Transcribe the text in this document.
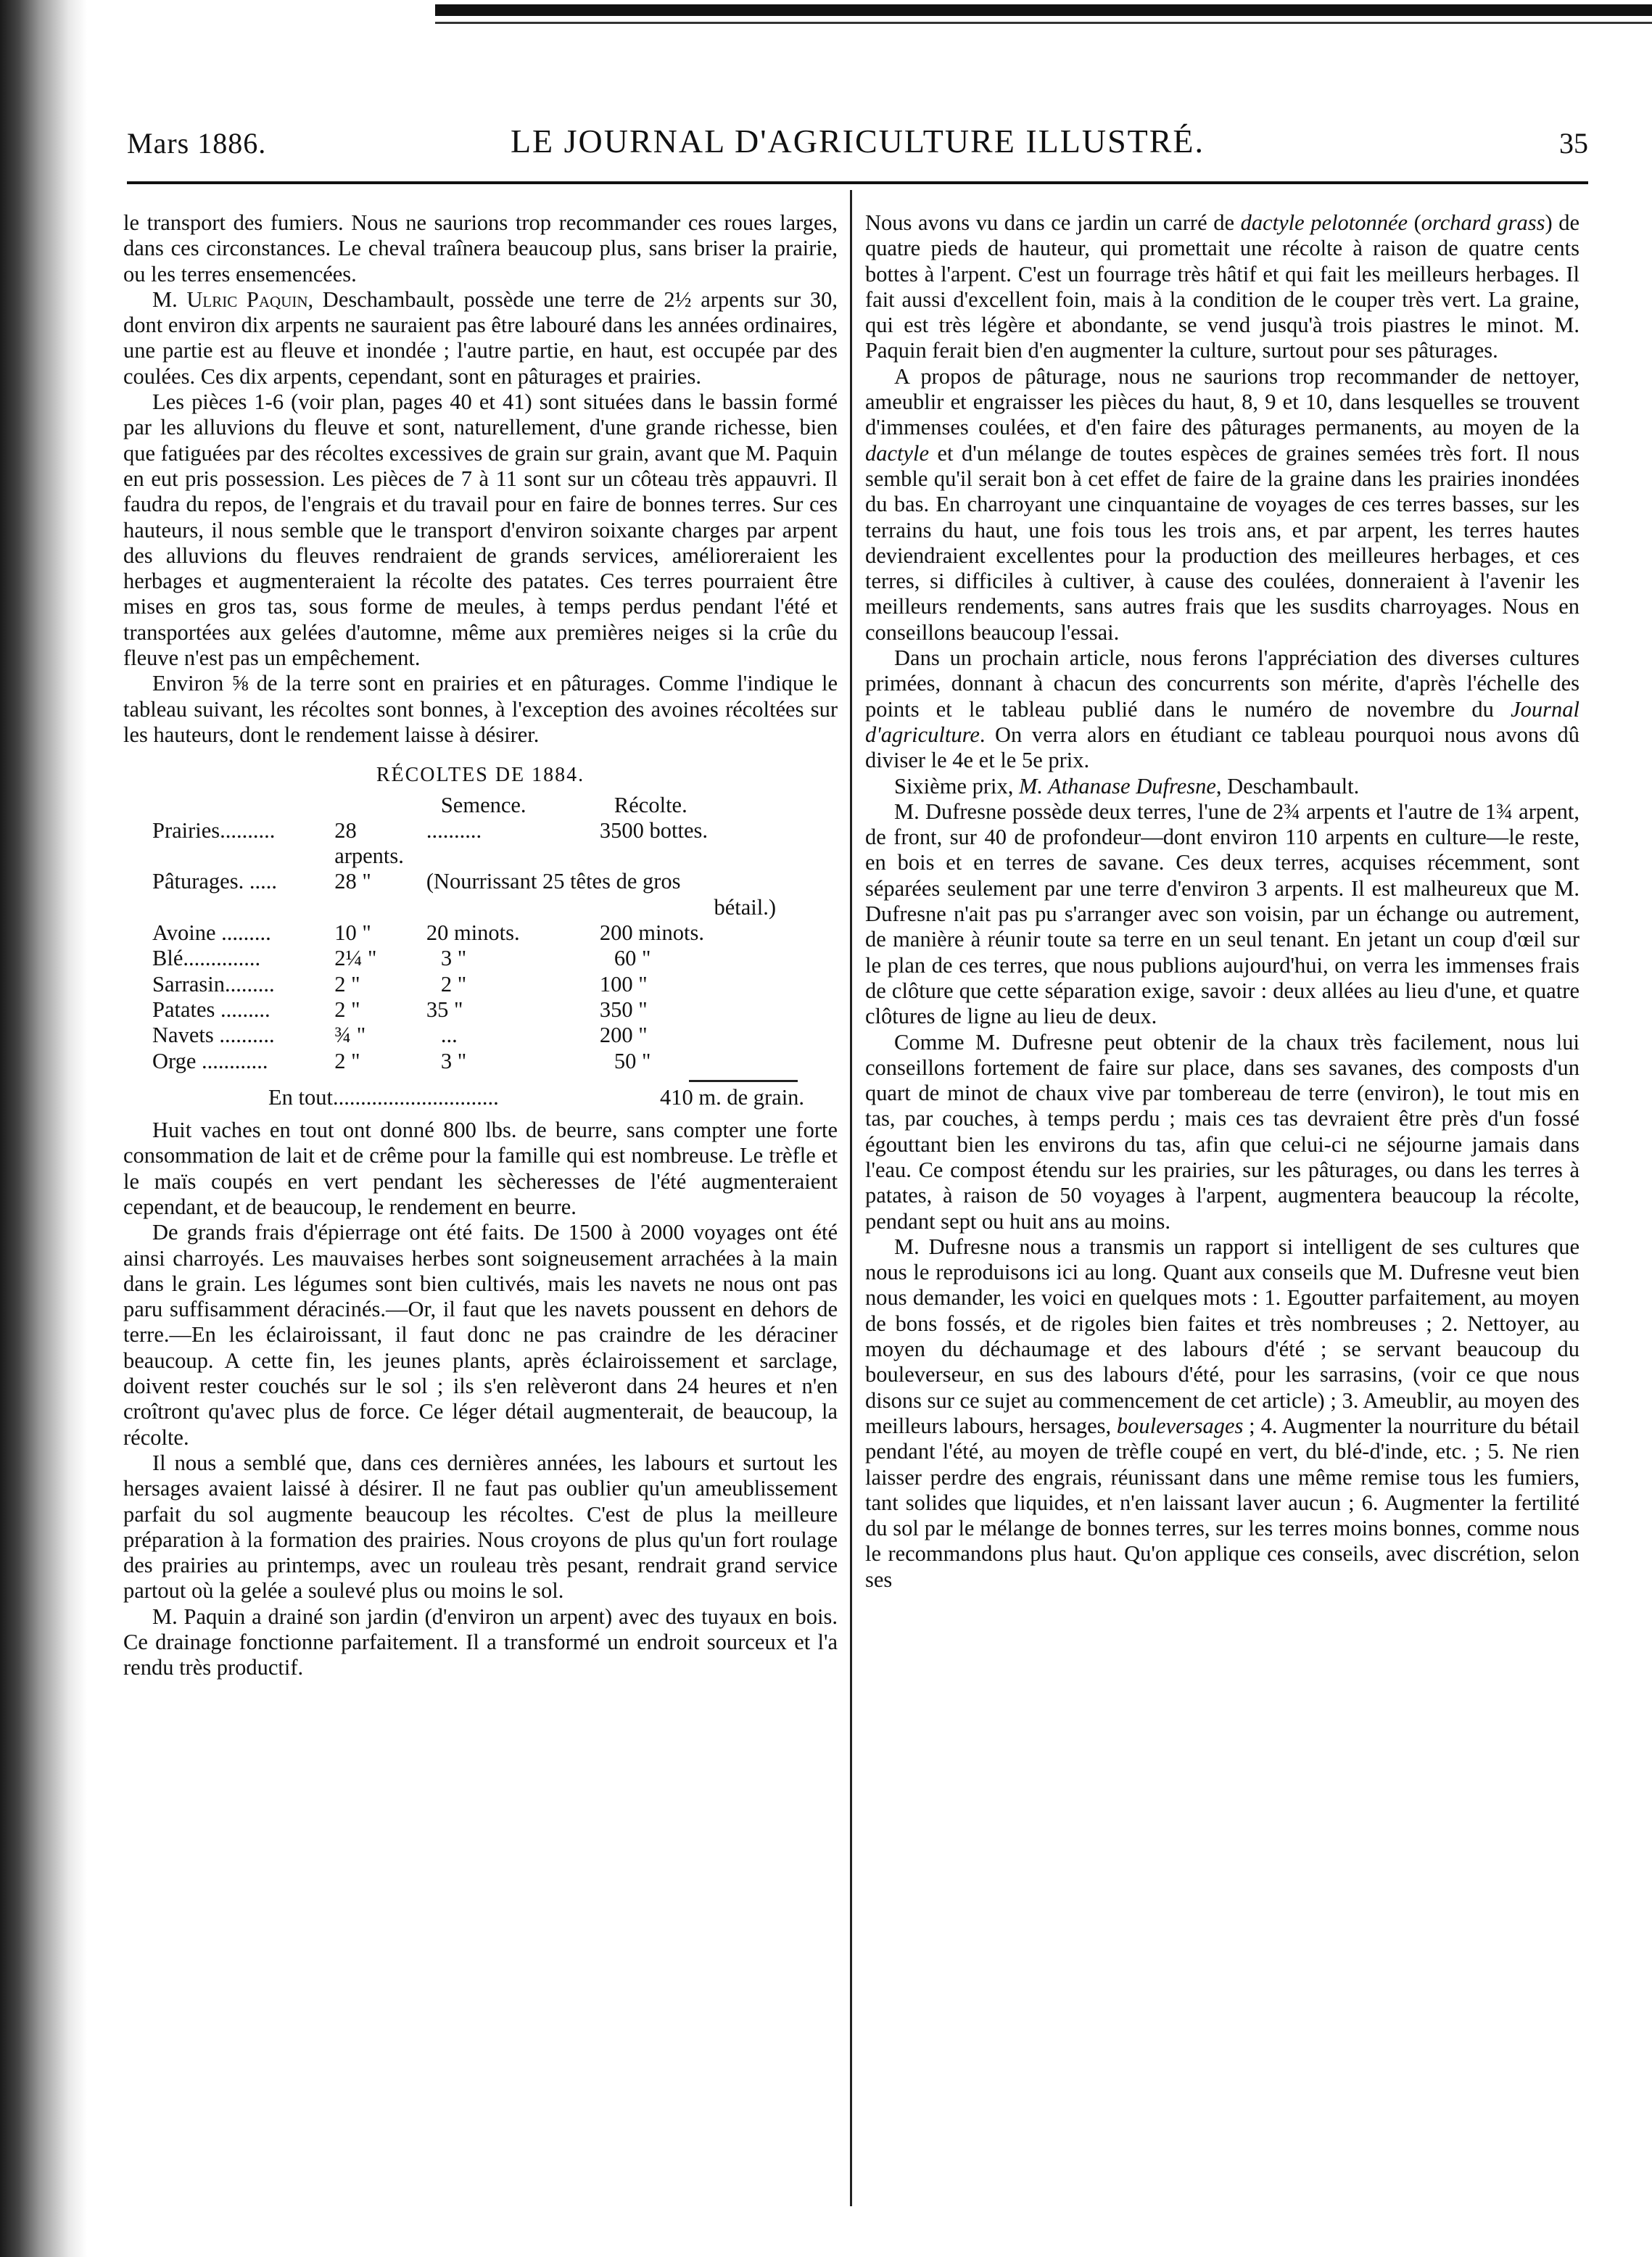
Mars 1886.	LE JOURNAL D'AGRICULTURE ILLUSTRÉ.	35

le transport des fumiers. Nous ne saurions trop recommander ces roues larges, dans ces circonstances. Le cheval traînera beaucoup plus, sans briser la prairie, ou les terres ensemencées.

M. Ulric Paquin, Deschambault, possède une terre de 2½ arpents sur 30, dont environ dix arpents ne sauraient pas être labouré dans les années ordinaires, une partie est au fleuve et inondée ; l'autre partie, en haut, est occupée par des coulées. Ces dix arpents, cependant, sont en pâturages et prairies.

Les pièces 1-6 (voir plan, pages 40 et 41) sont situées dans le bassin formé par les alluvions du fleuve et sont, naturellement, d'une grande richesse, bien que fatiguées par des récoltes excessives de grain sur grain, avant que M. Paquin en eut pris possession. Les pièces de 7 à 11 sont sur un côteau très appauvri. Il faudra du repos, de l'engrais et du travail pour en faire de bonnes terres. Sur ces hauteurs, il nous semble que le transport d'environ soixante charges par arpent des alluvions du fleuves rendraient de grands services, amélioreraient les herbages et augmenteraient la récolte des patates. Ces terres pourraient être mises en gros tas, sous forme de meules, à temps perdus pendant l'été et transportées aux gelées d'automne, même aux premières neiges si la crûe du fleuve n'est pas un empêchement.

Environ ⅝ de la terre sont en prairies et en pâturages. Comme l'indique le tableau suivant, les récoltes sont bonnes, à l'exception des avoines récoltées sur les hauteurs, dont le rendement laisse à désirer.

RÉCOLTES DE 1884.
		Semence.	Récolte.
Prairies..........	28 arpents.	..........	3500 bottes.
Pâturages. .....	28 "	(Nourrissant 25 têtes de gros	
			bétail.)
Avoine .........	10 "	20 minots.	200 minots.
Blé..............	2¼ "	3 "	60 "
Sarrasin.........	2 "	2 "	100 "
Patates .........	2 "	35 "	350 "
Navets ..........	¾ "	...	200 "
Orge ............	2 "	3 "	50 "
En tout..............................	410 m. de grain.

Huit vaches en tout ont donné 800 lbs. de beurre, sans compter une forte consommation de lait et de crême pour la famille qui est nombreuse. Le trèfle et le maïs coupés en vert pendant les sècheresses de l'été augmenteraient cependant, et de beaucoup, le rendement en beurre.

De grands frais d'épierrage ont été faits. De 1500 à 2000 voyages ont été ainsi charroyés. Les mauvaises herbes sont soigneusement arrachées à la main dans le grain. Les légumes sont bien cultivés, mais les navets ne nous ont pas paru suffisamment déracinés.—Or, il faut que les navets poussent en dehors de terre.—En les éclairoissant, il faut donc ne pas craindre de les déraciner beaucoup. A cette fin, les jeunes plants, après éclairoissement et sarclage, doivent rester couchés sur le sol ; ils s'en relèveront dans 24 heures et n'en croîtront qu'avec plus de force. Ce léger détail augmenterait, de beaucoup, la récolte.

Il nous a semblé que, dans ces dernières années, les labours et surtout les hersages avaient laissé à désirer. Il ne faut pas oublier qu'un ameublissement parfait du sol augmente beaucoup les récoltes. C'est de plus la meilleure préparation à la formation des prairies. Nous croyons de plus qu'un fort roulage des prairies au printemps, avec un rouleau très pesant, rendrait grand service partout où la gelée a soulevé plus ou moins le sol.

M. Paquin a drainé son jardin (d'environ un arpent) avec des tuyaux en bois. Ce drainage fonctionne parfaitement. Il a transformé un endroit sourceux et l'a rendu très productif.

Nous avons vu dans ce jardin un carré de dactyle pelotonnée (orchard grass) de quatre pieds de hauteur, qui promettait une récolte à raison de quatre cents bottes à l'arpent. C'est un fourrage très hâtif et qui fait les meilleurs herbages. Il fait aussi d'excellent foin, mais à la condition de le couper très vert. La graine, qui est très légère et abondante, se vend jusqu'à trois piastres le minot. M. Paquin ferait bien d'en augmenter la culture, surtout pour ses pâturages.

A propos de pâturage, nous ne saurions trop recommander de nettoyer, ameublir et engraisser les pièces du haut, 8, 9 et 10, dans lesquelles se trouvent d'immenses coulées, et d'en faire des pâturages permanents, au moyen de la dactyle et d'un mélange de toutes espèces de graines semées très fort. Il nous semble qu'il serait bon à cet effet de faire de la graine dans les prairies inondées du bas. En charroyant une cinquantaine de voyages de ces terres basses, sur les terrains du haut, une fois tous les trois ans, et par arpent, les terres hautes deviendraient excellentes pour la production des meilleures herbages, et ces terres, si difficiles à cultiver, à cause des coulées, donneraient à l'avenir les meilleurs rendements, sans autres frais que les susdits charroyages. Nous en conseillons beaucoup l'essai.

Dans un prochain article, nous ferons l'appréciation des diverses cultures primées, donnant à chacun des concurrents son mérite, d'après l'échelle des points et le tableau publié dans le numéro de novembre du Journal d'agriculture. On verra alors en étudiant ce tableau pourquoi nous avons dû diviser le 4e et le 5e prix.

Sixième prix, M. Athanase Dufresne, Deschambault.

M. Dufresne possède deux terres, l'une de 2¾ arpents et l'autre de 1¾ arpent, de front, sur 40 de profondeur—dont environ 110 arpents en culture—le reste, en bois et en terres de savane. Ces deux terres, acquises récemment, sont séparées seulement par une terre d'environ 3 arpents. Il est malheureux que M. Dufresne n'ait pas pu s'arranger avec son voisin, par un échange ou autrement, de manière à réunir toute sa terre en un seul tenant. En jetant un coup d'œil sur le plan de ces terres, que nous publions aujourd'hui, on verra les immenses frais de clôture que cette séparation exige, savoir : deux allées au lieu d'une, et quatre clôtures de ligne au lieu de deux.

Comme M. Dufresne peut obtenir de la chaux très facilement, nous lui conseillons fortement de faire sur place, dans ses savanes, des composts d'un quart de minot de chaux vive par tombereau de terre (environ), le tout mis en tas, par couches, à temps perdu ; mais ces tas devraient être près d'un fossé égouttant bien les environs du tas, afin que celui-ci ne séjourne jamais dans l'eau. Ce compost étendu sur les prairies, sur les pâturages, ou dans les terres à patates, à raison de 50 voyages à l'arpent, augmentera beaucoup la récolte, pendant sept ou huit ans au moins.

M. Dufresne nous a transmis un rapport si intelligent de ses cultures que nous le reproduisons ici au long. Quant aux conseils que M. Dufresne veut bien nous demander, les voici en quelques mots : 1. Egoutter parfaitement, au moyen de bons fossés, et de rigoles bien faites et très nombreuses ; 2. Nettoyer, au moyen du déchaumage et des labours d'été ; se servant beaucoup du bouleverseur, en sus des labours d'été, pour les sarrasins, (voir ce que nous disons sur ce sujet au commencement de cet article) ; 3. Ameublir, au moyen des meilleurs labours, hersages, bouleversages ; 4. Augmenter la nourriture du bétail pendant l'été, au moyen de trèfle coupé en vert, du blé-d'inde, etc. ; 5. Ne rien laisser perdre des engrais, réunissant dans une même remise tous les fumiers, tant solides que liquides, et n'en laissant laver aucun ; 6. Augmenter la fertilité du sol par le mélange de bonnes terres, sur les terres moins bonnes, comme nous le recommandons plus haut. Qu'on applique ces conseils, avec discrétion, selon ses
